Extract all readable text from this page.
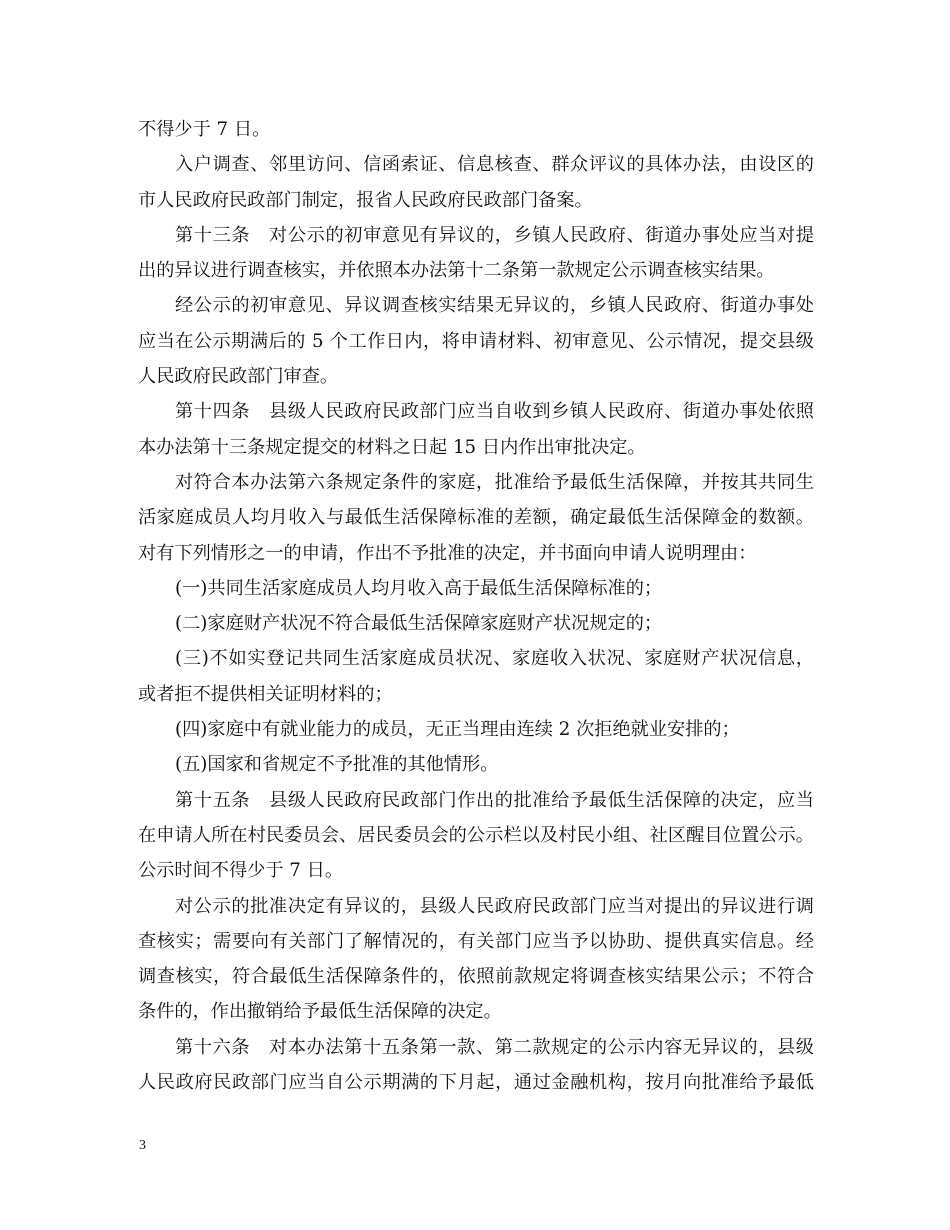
不得少于 7 日。
入户调查、邻里访问、信函索证、信息核查、群众评议的具体办法，由设区的
市人民政府民政部门制定，报省人民政府民政部门备案。
第十三条　对公示的初审意见有异议的，乡镇人民政府、街道办事处应当对提
出的异议进行调查核实，并依照本办法第十二条第一款规定公示调查核实结果。
经公示的初审意见、异议调查核实结果无异议的，乡镇人民政府、街道办事处
应当在公示期满后的 5 个工作日内，将申请材料、初审意见、公示情况，提交县级
人民政府民政部门审查。
第十四条　县级人民政府民政部门应当自收到乡镇人民政府、街道办事处依照
本办法第十三条规定提交的材料之日起 15 日内作出审批决定。
对符合本办法第六条规定条件的家庭，批准给予最低生活保障，并按其共同生
活家庭成员人均月收入与最低生活保障标准的差额，确定最低生活保障金的数额。
对有下列情形之一的申请，作出不予批准的决定，并书面向申请人说明理由：
(一)共同生活家庭成员人均月收入高于最低生活保障标准的；
(二)家庭财产状况不符合最低生活保障家庭财产状况规定的；
(三)不如实登记共同生活家庭成员状况、家庭收入状况、家庭财产状况信息，
或者拒不提供相关证明材料的；
(四)家庭中有就业能力的成员，无正当理由连续 2 次拒绝就业安排的；
(五)国家和省规定不予批准的其他情形。
第十五条　县级人民政府民政部门作出的批准给予最低生活保障的决定，应当
在申请人所在村民委员会、居民委员会的公示栏以及村民小组、社区醒目位置公示。
公示时间不得少于 7 日。
对公示的批准决定有异议的，县级人民政府民政部门应当对提出的异议进行调
查核实；需要向有关部门了解情况的，有关部门应当予以协助、提供真实信息。经
调查核实，符合最低生活保障条件的，依照前款规定将调查核实结果公示；不符合
条件的，作出撤销给予最低生活保障的决定。
第十六条　对本办法第十五条第一款、第二款规定的公示内容无异议的，县级
人民政府民政部门应当自公示期满的下月起，通过金融机构，按月向批准给予最低
3
